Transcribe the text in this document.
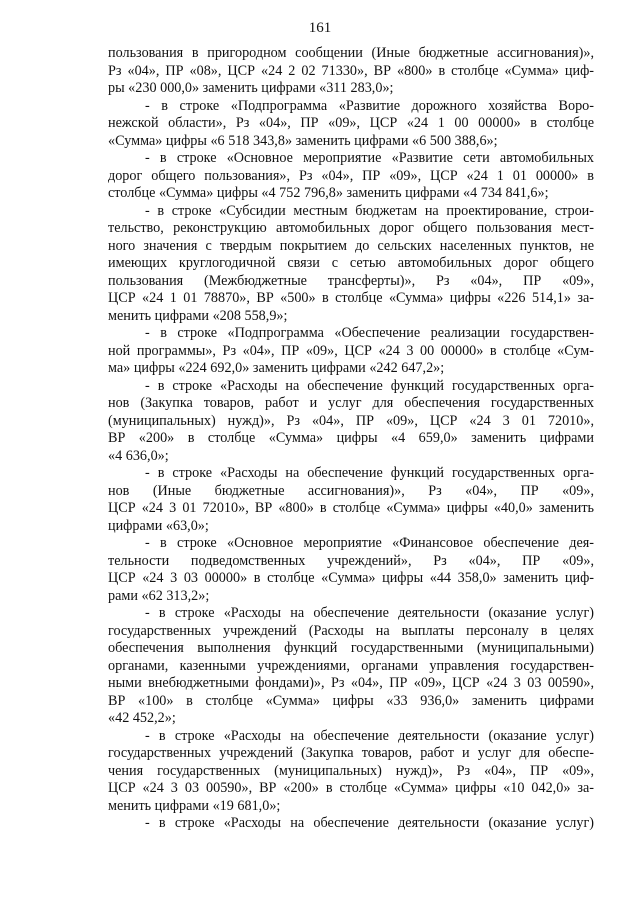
161
пользования в пригородном сообщении (Иные бюджетные ассигнования)»,
Рз «04», ПР «08», ЦСР «24 2 02 71330», ВР «800» в столбце «Сумма» циф-
ры «230 000,0» заменить цифрами «311 283,0»;
- в строке «Подпрограмма «Развитие дорожного хозяйства Воро-
нежской области», Рз «04», ПР «09», ЦСР «24 1 00 00000» в столбце
«Сумма» цифры «6 518 343,8» заменить цифрами «6 500 388,6»;
- в строке «Основное мероприятие «Развитие сети автомобильных
дорог общего пользования», Рз «04», ПР «09», ЦСР «24 1 01 00000» в
столбце «Сумма» цифры «4 752 796,8» заменить цифрами «4 734 841,6»;
- в строке «Субсидии местным бюджетам на проектирование, строи-
тельство, реконструкцию автомобильных дорог общего пользования мест-
ного значения с твердым покрытием до сельских населенных пунктов, не
имеющих круглогодичной связи с сетью автомобильных дорог общего
пользования (Межбюджетные трансферты)», Рз «04», ПР «09»,
ЦСР «24 1 01 78870», ВР «500» в столбце «Сумма» цифры «226 514,1» за-
менить цифрами «208 558,9»;
- в строке «Подпрограмма «Обеспечение реализации государствен-
ной программы», Рз «04», ПР «09», ЦСР «24 3 00 00000» в столбце «Сум-
ма» цифры «224 692,0» заменить цифрами «242 647,2»;
- в строке «Расходы на обеспечение функций государственных орга-
нов (Закупка товаров, работ и услуг для обеспечения государственных
(муниципальных) нужд)», Рз «04», ПР «09», ЦСР «24 3 01 72010»,
ВР «200» в столбце «Сумма» цифры «4 659,0» заменить цифрами
«4 636,0»;
- в строке «Расходы на обеспечение функций государственных орга-
нов (Иные бюджетные ассигнования)», Рз «04», ПР «09»,
ЦСР «24 3 01 72010», ВР «800» в столбце «Сумма» цифры «40,0» заменить
цифрами «63,0»;
- в строке «Основное мероприятие «Финансовое обеспечение дея-
тельности подведомственных учреждений», Рз «04», ПР «09»,
ЦСР «24 3 03 00000» в столбце «Сумма» цифры «44 358,0» заменить циф-
рами «62 313,2»;
- в строке «Расходы на обеспечение деятельности (оказание услуг)
государственных учреждений (Расходы на выплаты персоналу в целях
обеспечения выполнения функций государственными (муниципальными)
органами, казенными учреждениями, органами управления государствен-
ными внебюджетными фондами)», Рз «04», ПР «09», ЦСР «24 3 03 00590»,
ВР «100» в столбце «Сумма» цифры «33 936,0» заменить цифрами
«42 452,2»;
- в строке «Расходы на обеспечение деятельности (оказание услуг)
государственных учреждений (Закупка товаров, работ и услуг для обеспе-
чения государственных (муниципальных) нужд)», Рз «04», ПР «09»,
ЦСР «24 3 03 00590», ВР «200» в столбце «Сумма» цифры «10 042,0» за-
менить цифрами «19 681,0»;
- в строке «Расходы на обеспечение деятельности (оказание услуг)
